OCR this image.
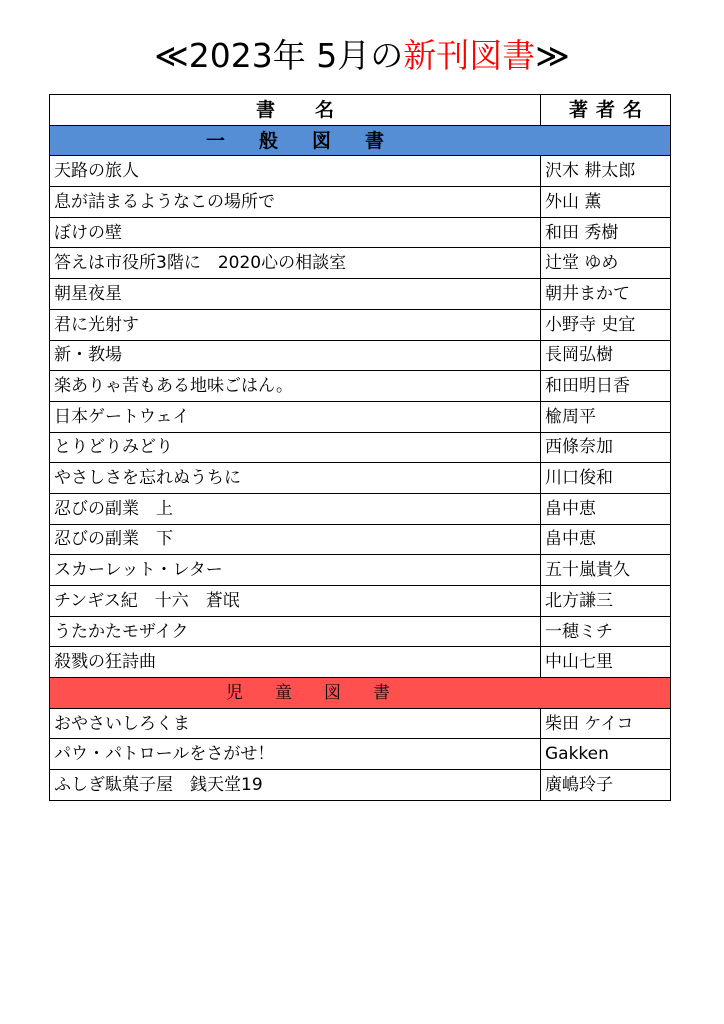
≪2023年 5月の新刊図書≫
書名	著者名
一般図書	
天路の旅人	沢木 耕太郎
息が詰まるようなこの場所で	外山 薫
ぼけの壁	和田 秀樹
答えは市役所3階に　2020心の相談室	辻堂 ゆめ
朝星夜星	朝井まかて
君に光射す	小野寺 史宜
新・教場	長岡弘樹
楽ありゃ苦もある地味ごはん。	和田明日香
日本ゲートウェイ	楡周平
とりどりみどり	西條奈加
やさしさを忘れぬうちに	川口俊和
忍びの副業　上	畠中恵
忍びの副業　下	畠中恵
スカーレット・レター	五十嵐貴久
チンギス紀　十六　蒼氓	北方謙三
うたかたモザイク	一穂ミチ
殺戮の狂詩曲	中山七里
児童図書	
おやさいしろくま	柴田 ケイコ
パウ・パトロールをさがせ！	Gakken
ふしぎ駄菓子屋　銭天堂19	廣嶋玲子
